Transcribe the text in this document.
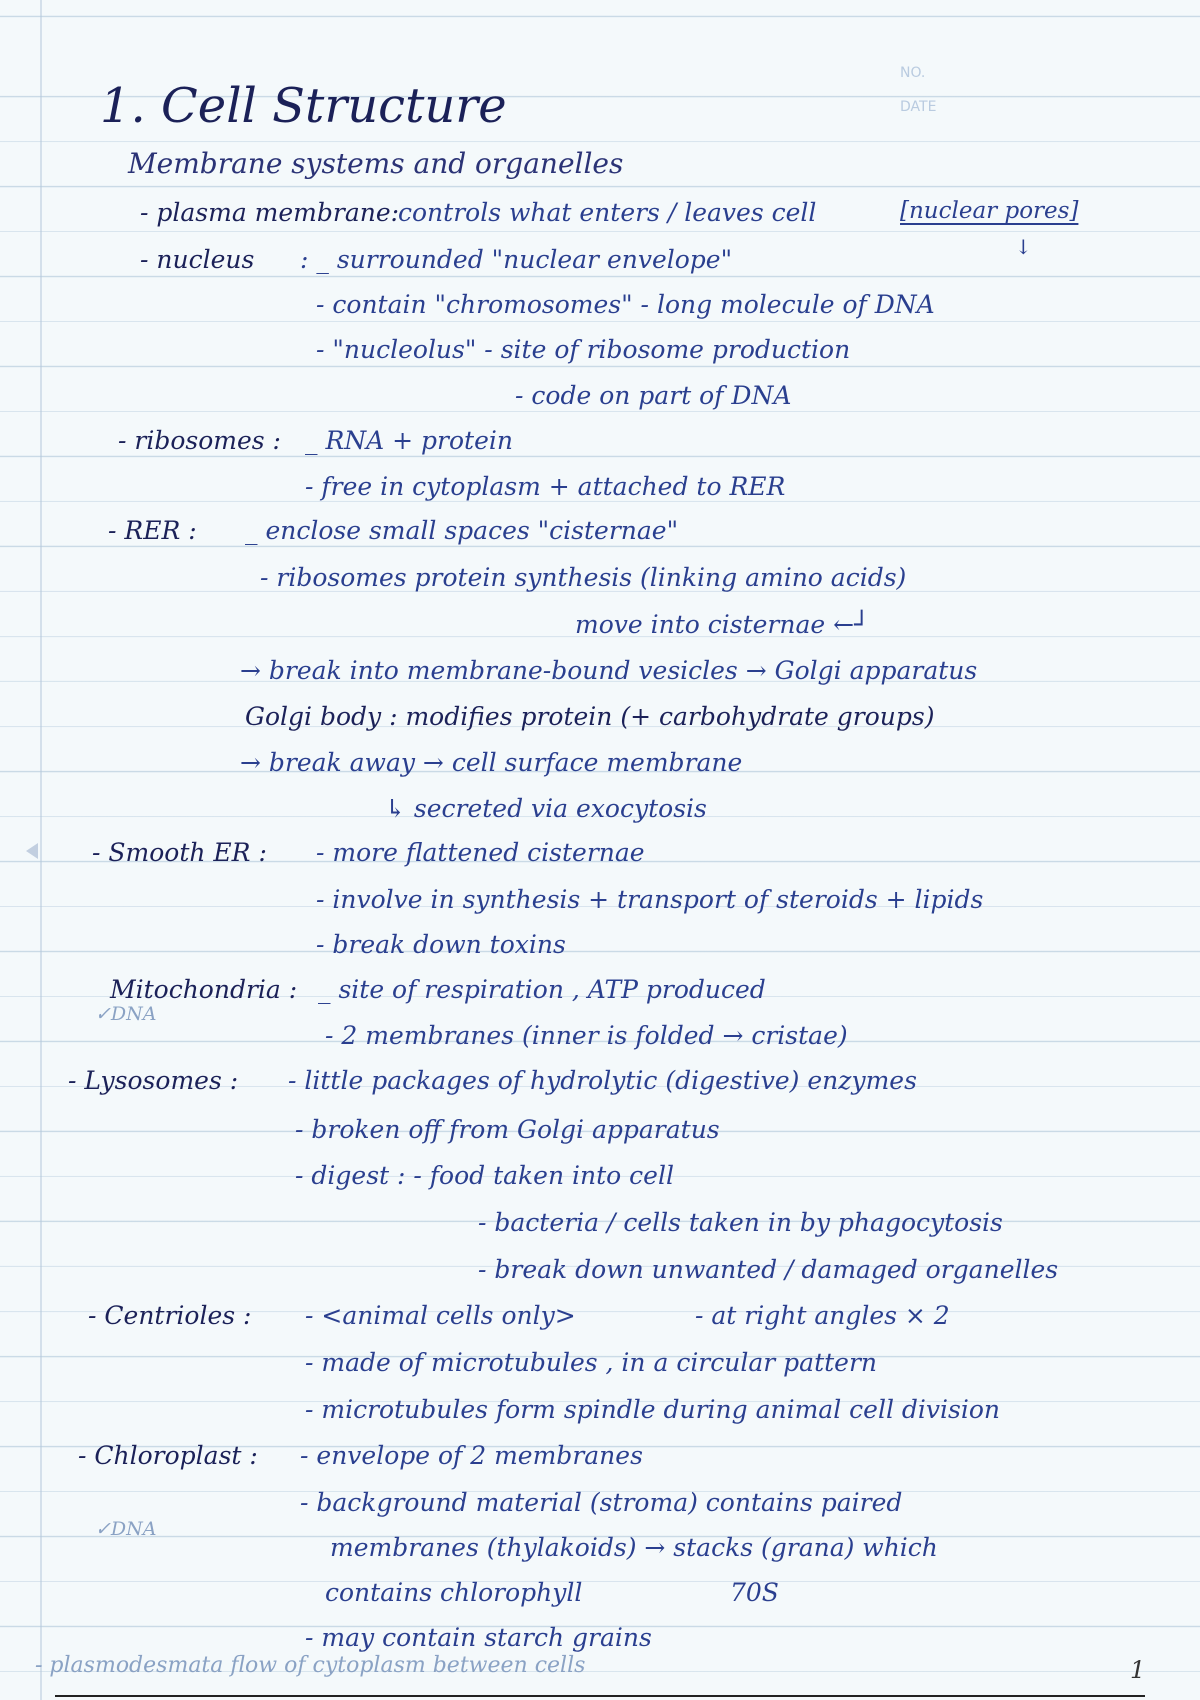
NO.
DATE
1. Cell Structure
Membrane systems and organelles
- plasma membrane:
controls what enters / leaves cell	[nuclear pores]
↓
- nucleus : _ surrounded "nuclear envelope"
- contain "chromosomes" - long molecule of DNA
- "nucleolus" - site of ribosome production
- code on part of DNA
- ribosomes : _ RNA + protein
- free in cytoplasm + attached to RER
- RER : _ enclose small spaces "cisternae"
- ribosomes protein synthesis (linking amino acids)
move into cisternae ←┘
→ break into membrane-bound vesicles → Golgi apparatus
Golgi body : modifies protein (+ carbohydrate groups)
→ break away → cell surface membrane
↳ secreted via exocytosis
- Smooth ER : - more flattened cisternae
- involve in synthesis + transport of steroids + lipids
- break down toxins
Mitochondria : _ site of respiration , ATP produced
✓DNA
- 2 membranes (inner is folded → cristae)
- Lysosomes : - little packages of hydrolytic (digestive) enzymes
- broken off from Golgi apparatus
- digest : - food taken into cell
- bacteria / cells taken in by phagocytosis
- break down unwanted / damaged organelles
- Centrioles : - <animal cells only>	- at right angles × 2
- made of microtubules , in a circular pattern
- microtubules form spindle during animal cell division
- Chloroplast : - envelope of 2 membranes
- background material (stroma) contains paired
✓DNA
membranes (thylakoids) → stacks (grana) which
contains chlorophyll	70S
- may contain starch grains
- plasmodesmata flow of cytoplasm between cells	1
